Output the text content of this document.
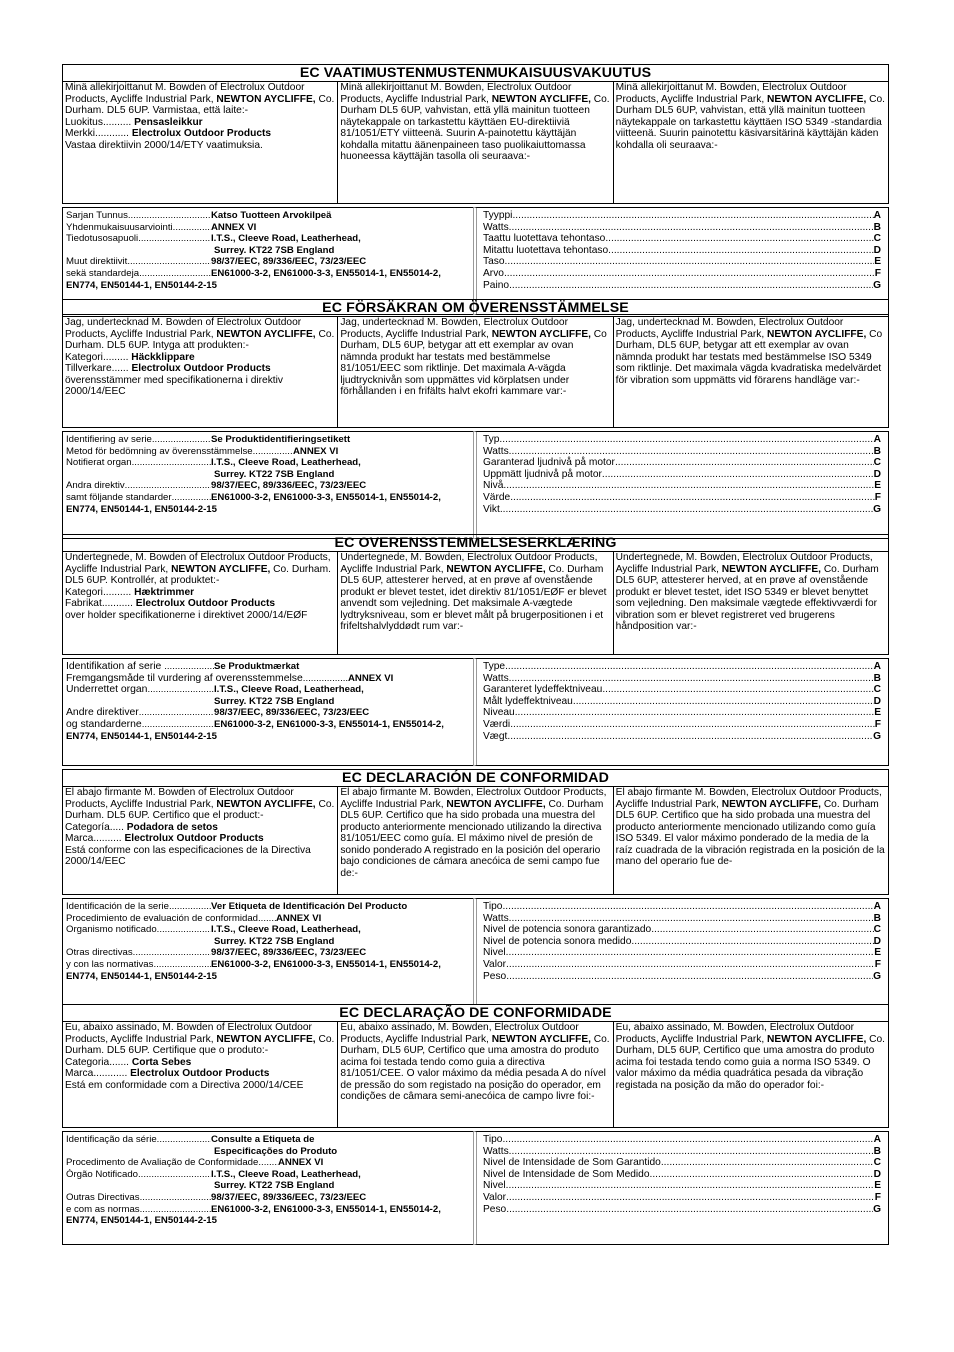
EC VAATIMUSTENMUSTENMUKAISUUSVAKUUTUS

Minä allekirjoittanut M. Bowden of Electrolux Outdoor Products, Aycliffe Industrial Park, NEWTON AYCLIFFE, Co. Durham. DL5 6UP. Varmistaa, että laite:-

Luokitus.......... Pensasleikkur

Merkki............ Electrolux Outdoor Products

Vastaa direktiivin 2000/14/ETY vaatimuksia.

Minä allekirjoittanut M. Bowden, Electrolux Outdoor Products, Aycliffe Industrial Park, NEWTON AYCLIFFE, Co. Durham DL5 6UP, vahvistan, että yllä mainitun tuotteen näytekappale on tarkastettu käyttäen EU-direktiiviä 81/1051/ETY viitteenä. Suurin A-painotettu käyttäjän kohdalla mitattu äänenpaineen taso puolikaiuttomassa huoneessa käyttäjän tasolla oli seuraava:-

Minä allekirjoittanut M. Bowden, Electrolux Outdoor Products, Aycliffe Industrial Park, NEWTON AYCLIFFE, Co. Durham DL5 6UP, vahvistan, että yllä mainitun tuotteen näytekappale on tarkastettu käyttäen ISO 5349 -standardia viitteenä. Suurin painotettu käsivarsitärinä käyttäjän käden kohdalla oli seuraava:-

Sarjan Tunnus .....	Katso Tuotteen Arvokilpeä
Yhdenmukaisuusarviointi .....	ANNEX VI
Tiedotusosapuoli .....	I.T.S., Cleeve Road, Leatherhead,
Surrey. KT22 7SB England
Muut direktiivit .....	98/37/EEC, 89/336/EEC, 73/23/EEC
sekä standardeja .....	EN61000-3-2, EN61000-3-3, EN55014-1, EN55014-2,
EN774, EN50144-1, EN50144-2-15
Tyyppi .....	A
Watts .....	B
Taattu luotettava tehontaso .....	C
Mitattu luotettava tehontaso .....	D
Taso .....	E
Arvo .....	F
Paino .....	G
EC FÖRSÄKRAN OM ÖVERENSSTÄMMELSE

Jag, undertecknad M. Bowden of Electrolux Outdoor Products, Aycliffe Industrial Park, NEWTON AYCLIFFE, Co. Durham. DL5 6UP. Intyga att produkten:-

Kategori......... Häckklippare

Tillverkare...... Electrolux Outdoor Products

överensstämmer med specifikationerna i direktiv 2000/14/EEC

Jag, undertecknad M. Bowden, Electrolux Outdoor Products, Aycliffe Industrial Park, NEWTON AYCLIFFE, Co Durham, DL5 6UP, betygar att ett exemplar av ovan nämnda produkt har testats med bestämmelse 81/1051/EEC som riktlinje. Det maximala A-vägda ljudtrycknivån som uppmättes vid körplatsen under förhållanden i en frifälts halvt ekofri kammare var:-

Jag, undertecknad M. Bowden, Electrolux Outdoor Products, Aycliffe Industrial Park, NEWTON AYCLIFFE, Co Durham, DL5 6UP, betygar att ett exemplar av ovan nämnda produkt har testats med bestämmelse ISO 5349 som riktlinje. Det maximala vägda kvadratiska medelvärdet för vibration som uppmätts vid förarens handläge var:-

Identifiering av serie .....	Se Produktidentifieringsetikett
Metod för bedömning av överensstämmelse .....	ANNEX VI
Notifierat organ .....	I.T.S., Cleeve Road, Leatherhead,
Surrey. KT22 7SB England
Andra direktiv .....	98/37/EEC, 89/336/EEC, 73/23/EEC
samt följande standarder .....	EN61000-3-2, EN61000-3-3, EN55014-1, EN55014-2,
EN774, EN50144-1, EN50144-2-15
Typ .....	A
Watts .....	B
Garanterad ljudnivå på motor .....	C
Uppmätt ljudnivå på motor .....	D
Nivå .....	E
Värde .....	F
Vikt .....	G
EC OVERENSSTEMMELSESERKLÆRING

Undertegnede, M. Bowden of Electrolux Outdoor Products, Aycliffe Industrial Park, NEWTON AYCLIFFE, Co. Durham. DL5 6UP. Kontrollér, at produktet:-

Kategori.......... Hæktrimmer

Fabrikat........... Electrolux Outdoor Products

over holder specifikationerne i direktivet 2000/14/EØF

Undertegnede, M. Bowden, Electrolux Outdoor Products, Aycliffe Industrial Park, NEWTON AYCLIFFE, Co. Durham DL5 6UP, attesterer herved, at en prøve af ovenstående produkt er blevet testet, idet direktiv 81/1051/EØF er blevet anvendt som vejledning. Det maksimale A-vægtede lydtryksniveau, som er blevet målt på brugerpositionen i et frifeltshalvlyddødt rum var:-

Undertegnede, M. Bowden, Electrolux Outdoor Products, Aycliffe Industrial Park, NEWTON AYCLIFFE, Co. Durham DL5 6UP, attesterer herved, at en prøve af ovenstående produkt er blevet testet, idet ISO 5349 er blevet benyttet som vejledning. Den maksimale vægtede effektivværdi for vibration som er blevet registreret ved brugerens håndposition var:-

Identifikation af serie .....	Se Produktmærkat
Fremgangsmåde til vurdering af overensstemmelse .....	ANNEX VI
Underrettet organ .....	I.T.S., Cleeve Road, Leatherhead,
Surrey. KT22 7SB England
Andre direktiver .....	98/37/EEC, 89/336/EEC, 73/23/EEC
og standarderne .....	EN61000-3-2, EN61000-3-3, EN55014-1, EN55014-2,
EN774, EN50144-1, EN50144-2-15
Type .....	A
Watts .....	B
Garanteret lydeffektniveau .....	C
Målt lydeffektniveau .....	D
Niveau .....	E
Værdi .....	F
Vægt .....	G
EC DECLARACIÓN DE CONFORMIDAD

El abajo firmante M. Bowden of Electrolux Outdoor Products, Aycliffe Industrial Park, NEWTON AYCLIFFE, Co. Durham. DL5 6UP. Certifico que el product:-

Categoría..... Podadora de setos

Marca.......... Electrolux Outdoor Products

Está conforme con las especificaciones de la Directiva 2000/14/EEC

El abajo firmante M. Bowden, Electrolux Outdoor Products, Aycliffe Industrial Park, NEWTON AYCLIFFE, Co. Durham DL5 6UP. Certifico que ha sido probada una muestra del producto anteriormente mencionado utilizando la directiva 81/1051/EEC como guía. El máximo nivel de presión de sonido ponderado A registrado en la posición del operario bajo condiciones de cámara anecóica de semi campo fue de:-

El abajo firmante M. Bowden, Electrolux Outdoor Products, Aycliffe Industrial Park, NEWTON AYCLIFFE, Co. Durham DL5 6UP. Certifico que ha sido probada una muestra del producto anteriormente mencionado utilizando como guía ISO 5349. El valor máximo ponderado de la media de la raíz cuadrada de la vibración registrada en la posición de la mano del operario fue de-

Identificación de la serie .....	Ver Etiqueta de Identificación Del Producto
Procedimiento de evaluación de conformidad ..... ANNEX VI
Organismo notificado .....	I.T.S., Cleeve Road, Leatherhead,
Surrey. KT22 7SB England
Otras directivas .....	98/37/EEC, 89/336/EEC, 73/23/EEC
y con las normativas .....	EN61000-3-2, EN61000-3-3, EN55014-1, EN55014-2,
EN774, EN50144-1, EN50144-2-15
Tipo .....	A
Watts .....	B
Nivel de potencia sonora garantizado .....	C
Nivel de potencia sonora medido .....	D
Nivel .....	E
Valor .....	F
Peso .....	G
EC DECLARAÇÃO DE CONFORMIDADE

Eu, abaixo assinado, M. Bowden of Electrolux Outdoor Products, Aycliffe Industrial Park, NEWTON AYCLIFFE, Co. Durham. DL5 6UP. Certifique que o produto:-

Categoria....... Corta Sebes

Marca............ Electrolux Outdoor Products

Está em conformidade com a Directiva 2000/14/CEE

Eu, abaixo assinado, M. Bowden, Electrolux Outdoor Products, Aycliffe Industrial Park, NEWTON AYCLIFFE, Co. Durham, DL5 6UP, Certifico que uma amostra do produto acima foi testada tendo como guia a directiva 81/1051/CEE. O valor máximo da média pesada A do nível de pressão do som registado na posição do operador, em condições de câmara semi-anecóica de campo livre foi:-

Eu, abaixo assinado, M. Bowden, Electrolux Outdoor Products, Aycliffe Industrial Park, NEWTON AYCLIFFE, Co. Durham, DL5 6UP, Certifico que uma amostra do produto acima foi testada tendo como guia a norma ISO 5349. O valor máximo da média quadrática pesada da vibração registada na posição da mão do operador foi:-

Identificação da série .....	Consulte a Etiqueta de
Especificações do Produto
Procedimento de Avaliação de Conformidade ..... ANNEX VI
Órgão Notificado .....	I.T.S., Cleeve Road, Leatherhead,
Surrey. KT22 7SB England
Outras Directivas .....	98/37/EEC, 89/336/EEC, 73/23/EEC
e com as normas .....	EN61000-3-2, EN61000-3-3, EN55014-1, EN55014-2,
EN774, EN50144-1, EN50144-2-15
Tipo .....	A
Watts .....	B
Nivel de Intensidade de Som Garantido .....	C
Nivel de Intensidade de Som Medido .....	D
Nivel .....	E
Valor .....	F
Peso .....	G
